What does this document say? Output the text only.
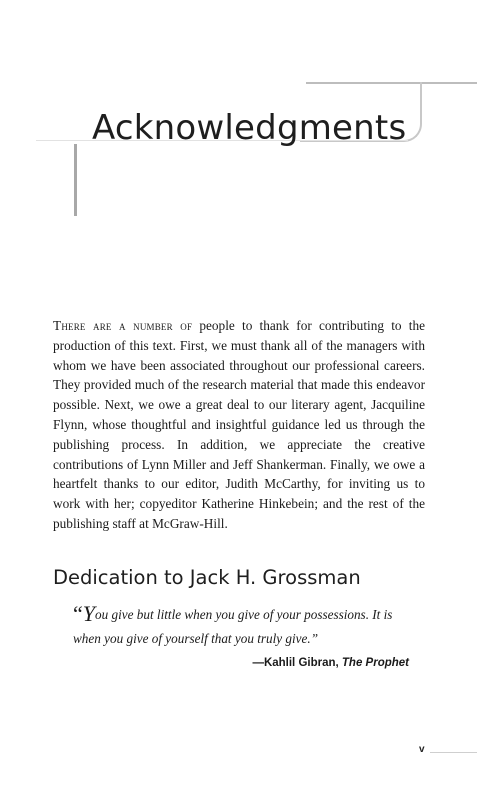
Acknowledgments

There are a number of people to thank for contributing to the production of this text. First, we must thank all of the managers with whom we have been associated throughout our professional careers. They provided much of the research material that made this endeavor possible. Next, we owe a great deal to our literary agent, Jacquiline Flynn, whose thoughtful and insightful guidance led us through the publishing process. In addition, we appreciate the creative contributions of Lynn Miller and Jeff Shankerman. Finally, we owe a heartfelt thanks to our editor, Judith McCarthy, for inviting us to work with her; copyeditor Katherine Hinkebein; and the rest of the publishing staff at McGraw-Hill.

Dedication to Jack H. Grossman
“You give but little when you give of your possessions. It is when you give of yourself that you truly give.”
—Kahlil Gibran, The Prophet
v
